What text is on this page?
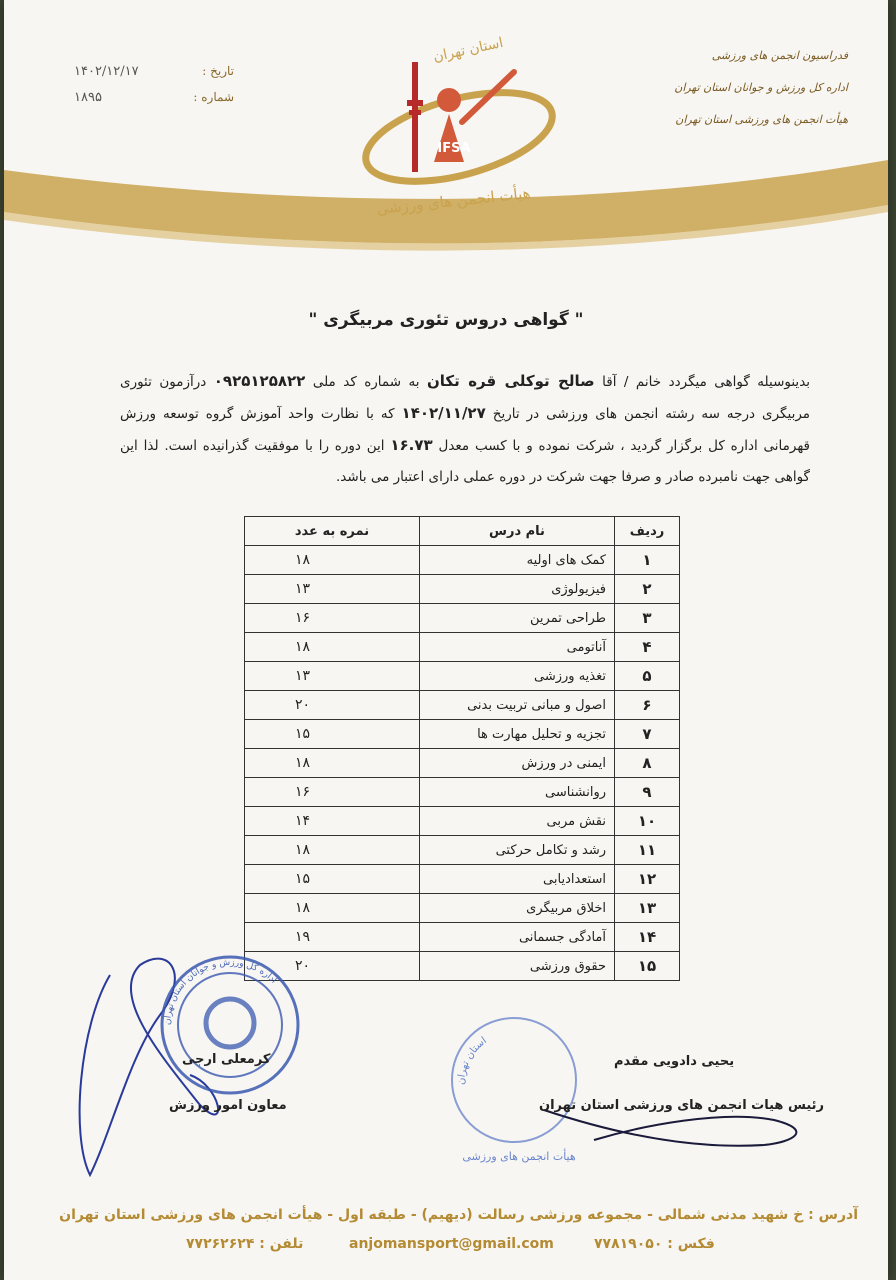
فدراسیون انجمن های ورزشی
اداره کل ورزش و جوانان استان تهران
هیأت انجمن های ورزشی استان تهران
تاریخ :
۱۴۰۲/۱۲/۱۷
شماره :
۱۸۹۵
استان تهران
IFSA
هیأت انجمن های ورزشی
" گواهی دروس تئوری مربیگری "
بدینوسیله گواهی میگردد خانم / آقا صالح توکلی قره تکان به شماره کد ملی ۰۹۲۵۱۲۵۸۲۲ درآزمون تئوری مربیگری درجه سه رشته انجمن های ورزشی در تاریخ ۱۴۰۲/۱۱/۲۷ که با نظارت واحد آموزش گروه توسعه ورزش قهرمانی اداره کل برگزار گردید ، شرکت نموده و با کسب معدل ۱۶.۷۳ این دوره را با موفقیت گذرانیده است. لذا این گواهی جهت نامبرده صادر و صرفا جهت شرکت در دوره عملی دارای اعتبار می باشد.
ردیف	نام درس	نمره به عدد
۱	کمک های اولیه	۱۸
۲	فیزیولوژی	۱۳
۳	طراحی تمرین	۱۶
۴	آناتومی	۱۸
۵	تغذیه ورزشی	۱۳
۶	اصول و مبانی تربیت بدنی	۲۰
۷	تجزیه و تحلیل مهارت ها	۱۵
۸	ایمنی در ورزش	۱۸
۹	روانشناسی	۱۶
۱۰	نقش مربی	۱۴
۱۱	رشد و تکامل حرکتی	۱۸
۱۲	استعدادیابی	۱۵
۱۳	اخلاق مربیگری	۱۸
۱۴	آمادگی جسمانی	۱۹
۱۵	حقوق ورزشی	۲۰
اداره کل ورزش و جوانان استان تهران
کرمعلی ارجی
معاون امور ورزش
استان تهران
هیأت انجمن های ورزشی
یحیی دادویی مقدم
رئیس هیات انجمن های ورزشی استان تهران
آدرس : خ شهید مدنی شمالی - مجموعه ورزشی رسالت (دیهیم) - طبقه اول - هیأت انجمن های ورزشی استان تهران
فکس : ۷۷۸۱۹۰۵۰
anjomansport@gmail.com
تلفن : ۷۷۲۶۲۶۲۴
